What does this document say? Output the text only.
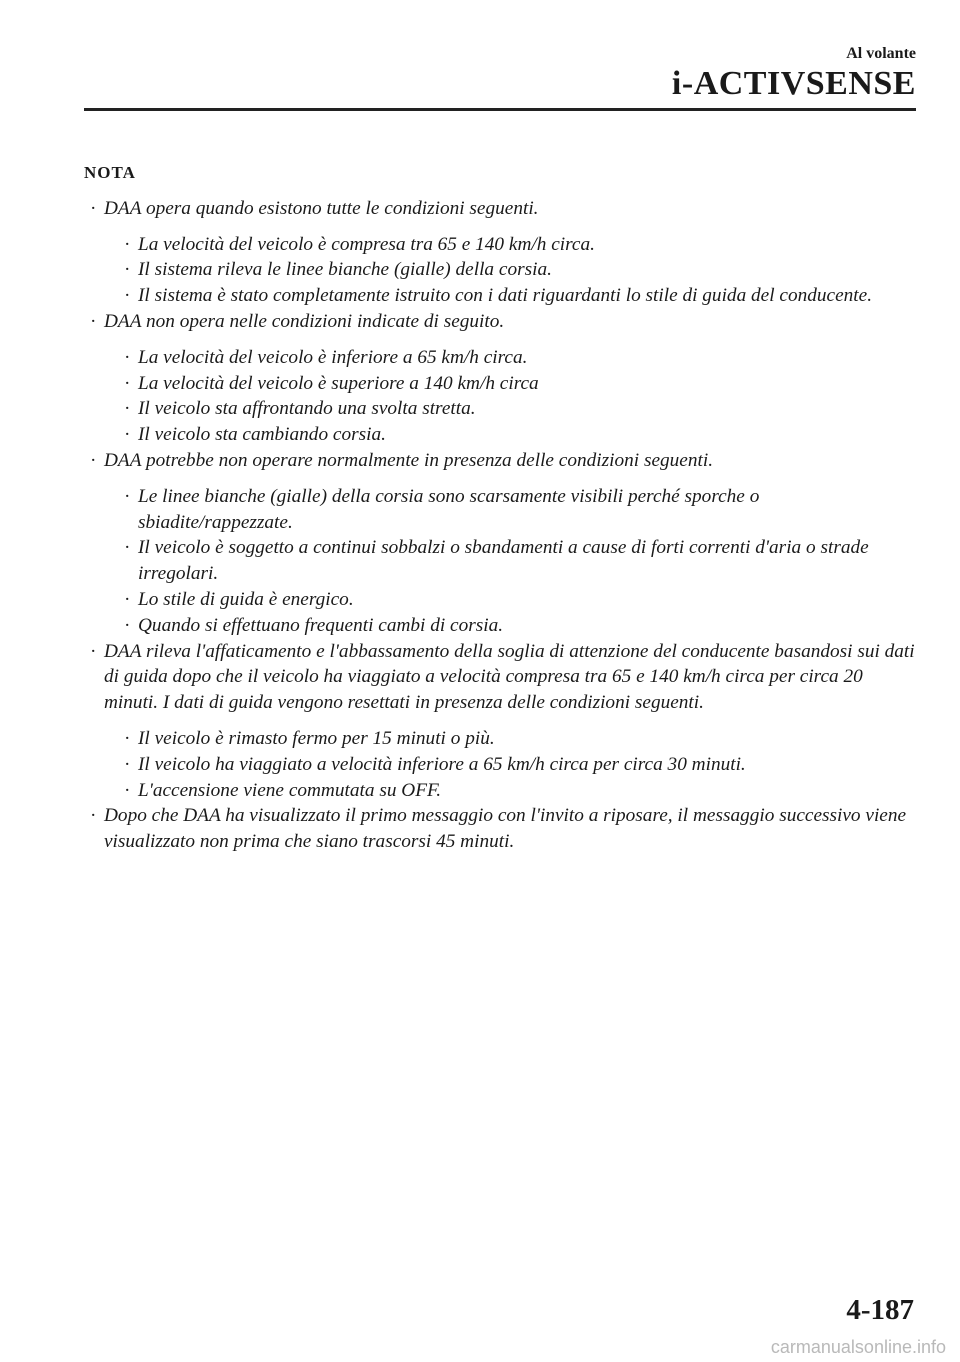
Al volante
i-ACTIVSENSE
NOTA
· DAA opera quando esistono tutte le condizioni seguenti.
· La velocità del veicolo è compresa tra 65 e 140 km/h circa.
· Il sistema rileva le linee bianche (gialle) della corsia.
· Il sistema è stato completamente istruito con i dati riguardanti lo stile di guida del conducente.
· DAA non opera nelle condizioni indicate di seguito.
· La velocità del veicolo è inferiore a 65 km/h circa.
· La velocità del veicolo è superiore a 140 km/h circa
· Il veicolo sta affrontando una svolta stretta.
· Il veicolo sta cambiando corsia.
· DAA potrebbe non operare normalmente in presenza delle condizioni seguenti.
· Le linee bianche (gialle) della corsia sono scarsamente visibili perché sporche o sbiadite/rappezzate.
· Il veicolo è soggetto a continui sobbalzi o sbandamenti a cause di forti correnti d'aria o strade irregolari.
· Lo stile di guida è energico.
· Quando si effettuano frequenti cambi di corsia.
· DAA rileva l'affaticamento e l'abbassamento della soglia di attenzione del conducente basandosi sui dati di guida dopo che il veicolo ha viaggiato a velocità compresa tra 65 e 140 km/h circa per circa 20 minuti. I dati di guida vengono resettati in presenza delle condizioni seguenti.
· Il veicolo è rimasto fermo per 15 minuti o più.
· Il veicolo ha viaggiato a velocità inferiore a 65 km/h circa per circa 30 minuti.
· L'accensione viene commutata su OFF.
· Dopo che DAA ha visualizzato il primo messaggio con l'invito a riposare, il messaggio successivo viene visualizzato non prima che siano trascorsi 45 minuti.
4-187
carmanualsonline.info
